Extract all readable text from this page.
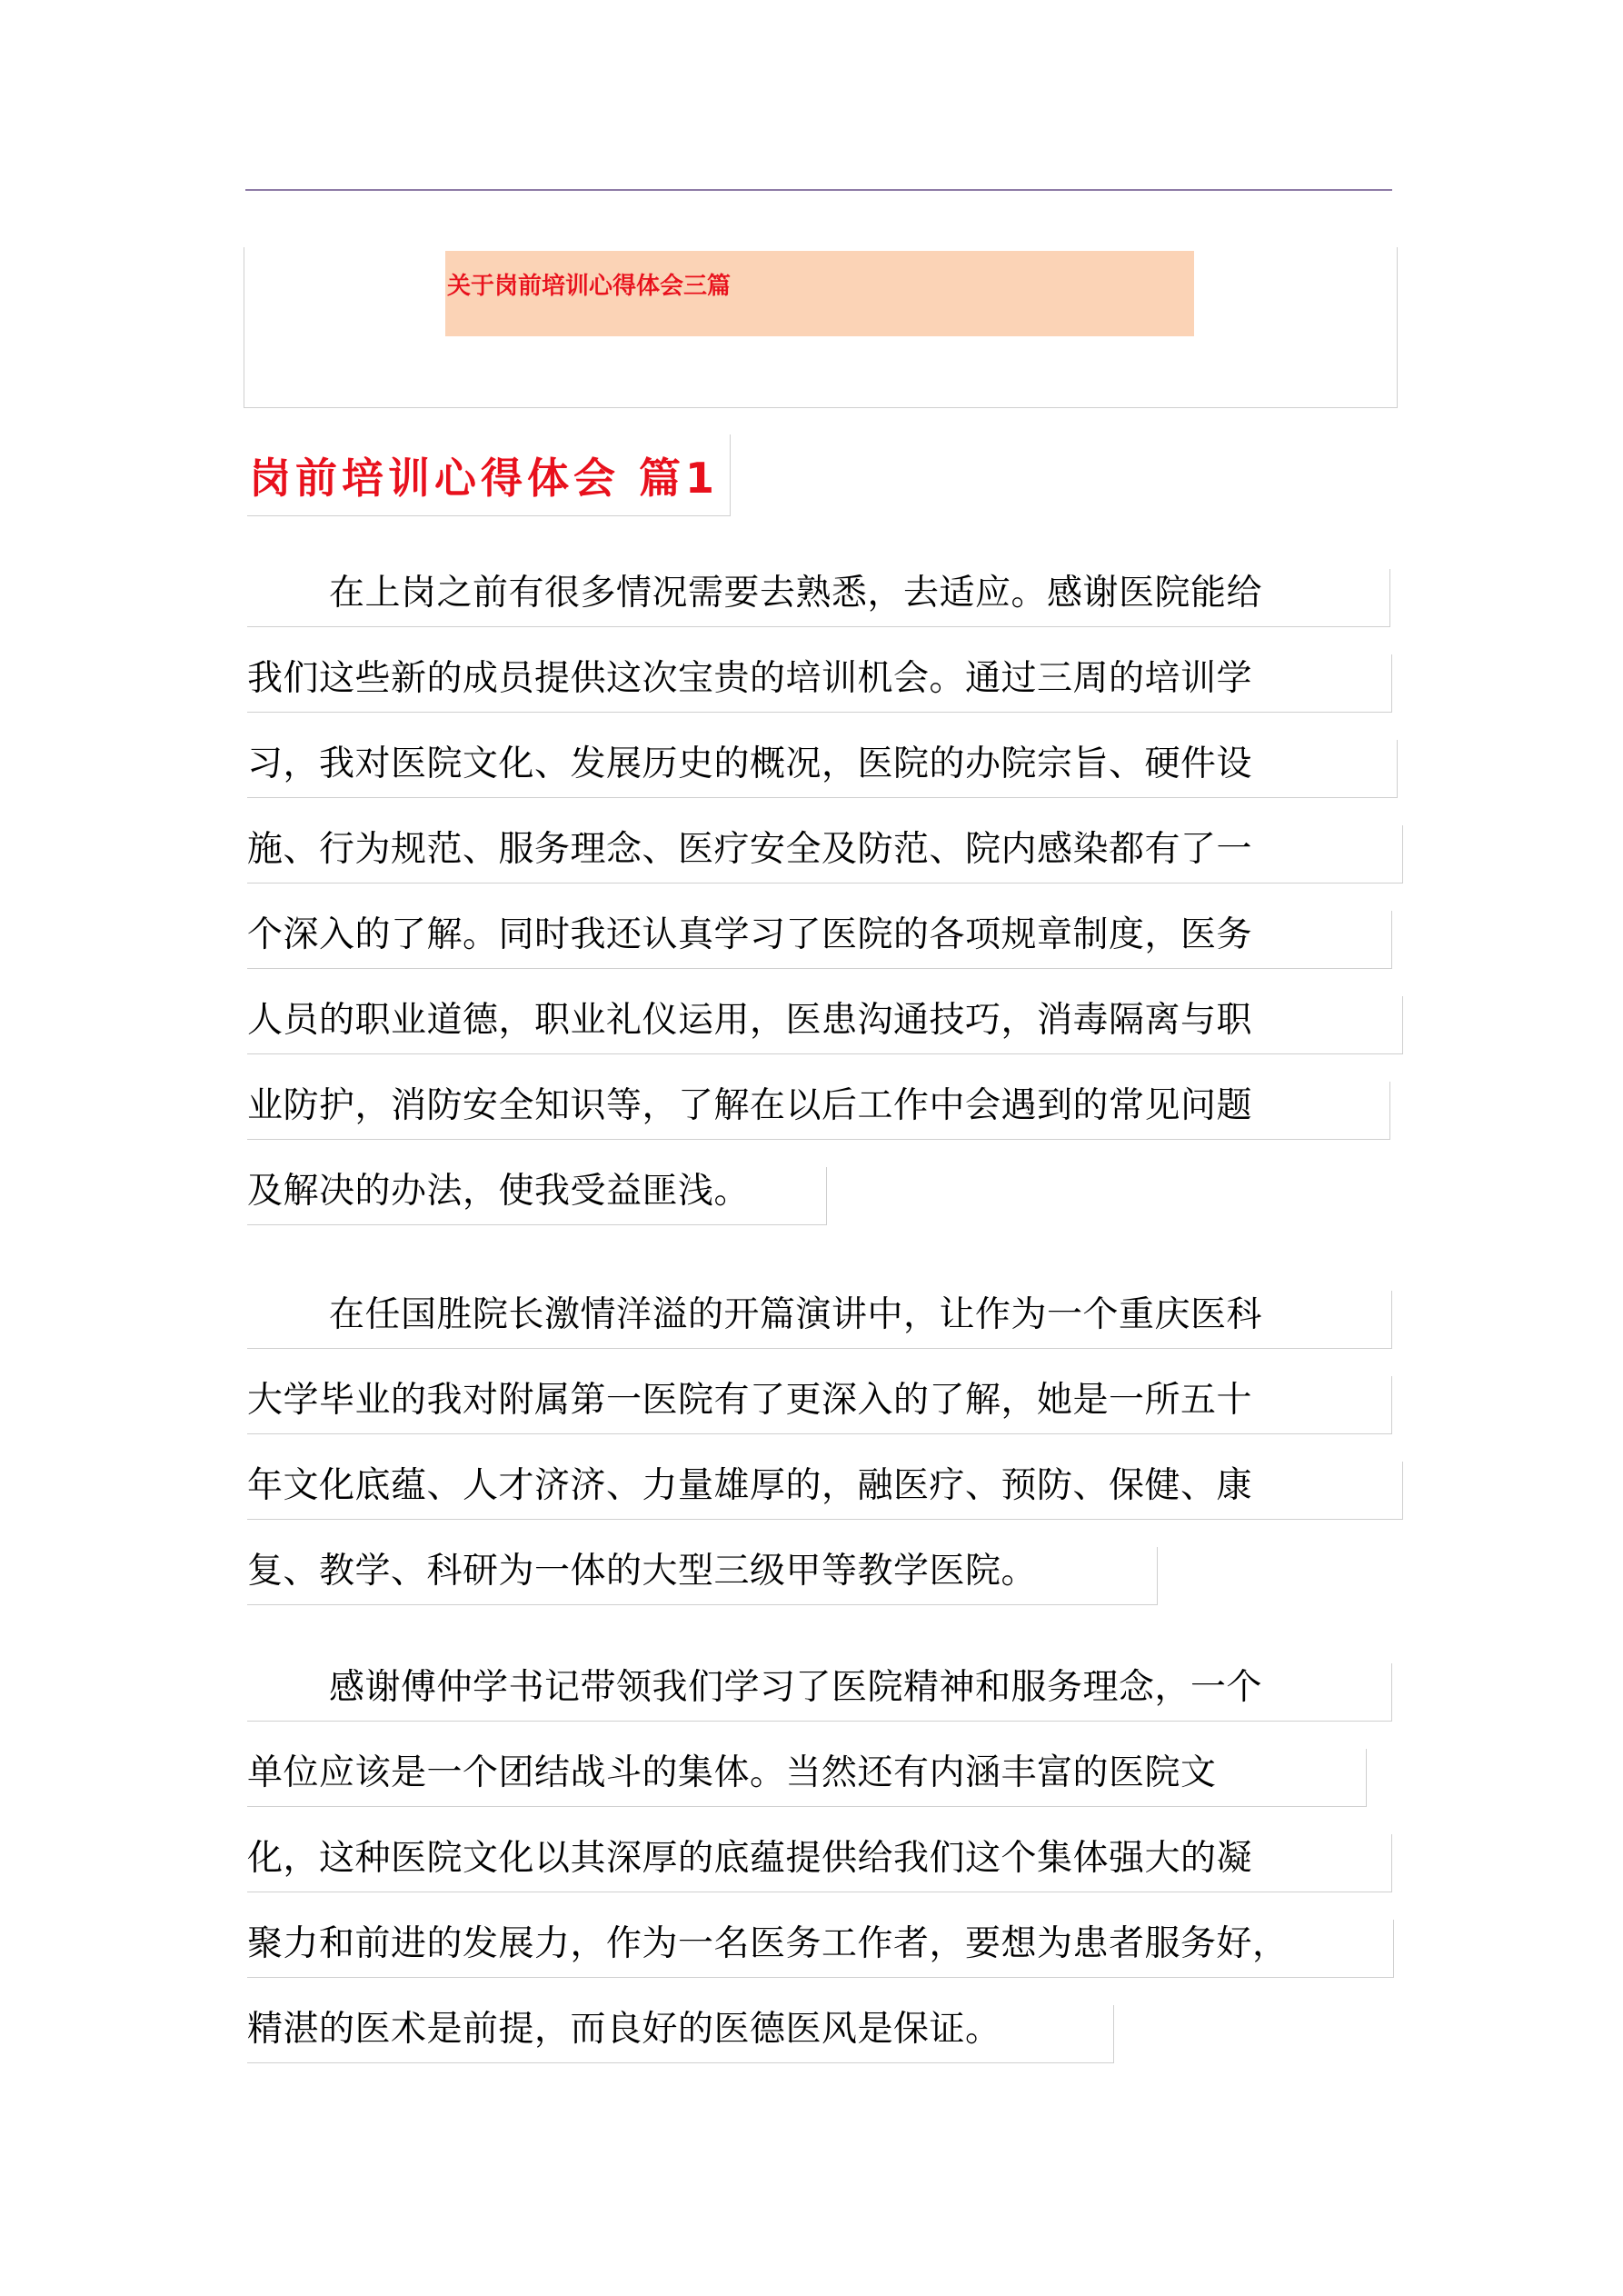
关于岗前培训心得体会三篇
岗前培训心得体会 篇1
在上岗之前有很多情况需要去熟悉，去适应。感谢医院能给
我们这些新的成员提供这次宝贵的培训机会。通过三周的培训学
习，我对医院文化、发展历史的概况，医院的办院宗旨、硬件设
施、行为规范、服务理念、医疗安全及防范、院内感染都有了一
个深入的了解。同时我还认真学习了医院的各项规章制度，医务
人员的职业道德，职业礼仪运用，医患沟通技巧，消毒隔离与职
业防护，消防安全知识等，了解在以后工作中会遇到的常见问题
及解决的办法，使我受益匪浅。
在任国胜院长激情洋溢的开篇演讲中，让作为一个重庆医科
大学毕业的我对附属第一医院有了更深入的了解，她是一所五十
年文化底蕴、人才济济、力量雄厚的，融医疗、预防、保健、康
复、教学、科研为一体的大型三级甲等教学医院。
感谢傅仲学书记带领我们学习了医院精神和服务理念，一个
单位应该是一个团结战斗的集体。当然还有内涵丰富的医院文
化，这种医院文化以其深厚的底蕴提供给我们这个集体强大的凝
聚力和前进的发展力，作为一名医务工作者，要想为患者服务好，
精湛的医术是前提，而良好的医德医风是保证。
